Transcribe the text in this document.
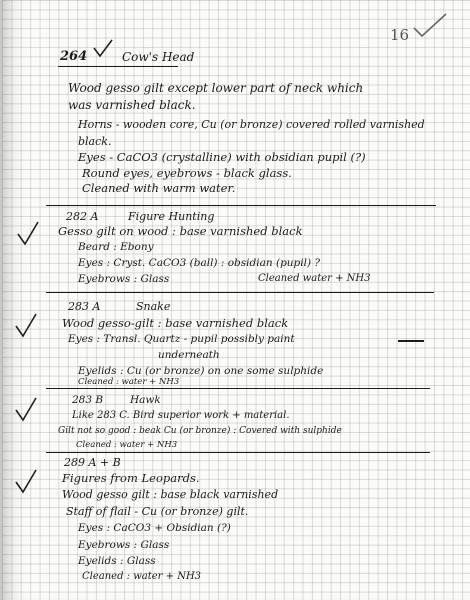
16
264	Cow's Head
Wood gesso gilt except lower part of neck which
was varnished black.
Horns - wooden core, Cu (or bronze) covered rolled varnished
black.
Eyes - CaCO3 (crystalline) with obsidian pupil (?)
Round eyes, eyebrows - black glass.
Cleaned with warm water.
282 A	Figure Hunting
Gesso gilt on wood : base varnished black
Beard : Ebony
Eyes : Cryst. CaCO3 (ball) : obsidian (pupil) ?
Eyebrows : Glass	Cleaned water + NH3
283 A	Snake
Wood gesso-gilt : base varnished black
Eyes : Transl. Quartz - pupil possibly paint
underneath
Eyelids : Cu (or bronze) on one some sulphide
Cleaned : water + NH3
283 B	Hawk
Like 283 C. Bird superior work + material.
Gilt not so good : beak Cu (or bronze) : Covered with sulphide
Cleaned : water + NH3
289 A + B
Figures from Leopards.
Wood gesso gilt : base black varnished
Staff of flail - Cu (or bronze) gilt.
Eyes : CaCO3 + Obsidian (?)
Eyebrows : Glass
Eyelids : Glass
Cleaned : water + NH3
